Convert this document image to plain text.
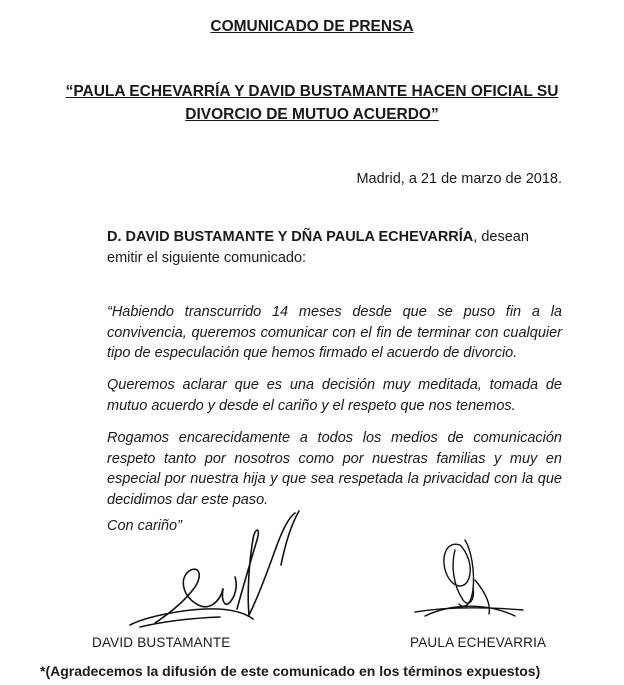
COMUNICADO DE PRENSA
“PAULA ECHEVARRÍA Y DAVID BUSTAMANTE HACEN OFICIAL SU
DIVORCIO DE MUTUO ACUERDO”
Madrid, a 21 de marzo de 2018.
D. DAVID BUSTAMANTE Y DÑA PAULA ECHEVARRÍA, desean emitir el siguiente comunicado:
“Habiendo transcurrido 14 meses desde que se puso fin a la convivencia, queremos comunicar con el fin de terminar con cualquier tipo de especulación que hemos firmado el acuerdo de divorcio.
Queremos aclarar que es una decisión muy meditada, tomada de mutuo acuerdo y desde el cariño y el respeto que nos tenemos.
Rogamos encarecidamente a todos los medios de comunicación respeto tanto por nosotros como por nuestras familias y muy en especial por nuestra hija y que sea respetada la privacidad con la que decidimos dar este paso.
Con cariño”
DAVID BUSTAMANTE	PAULA ECHEVARRIA
*(Agradecemos la difusión de este comunicado en los términos expuestos)
